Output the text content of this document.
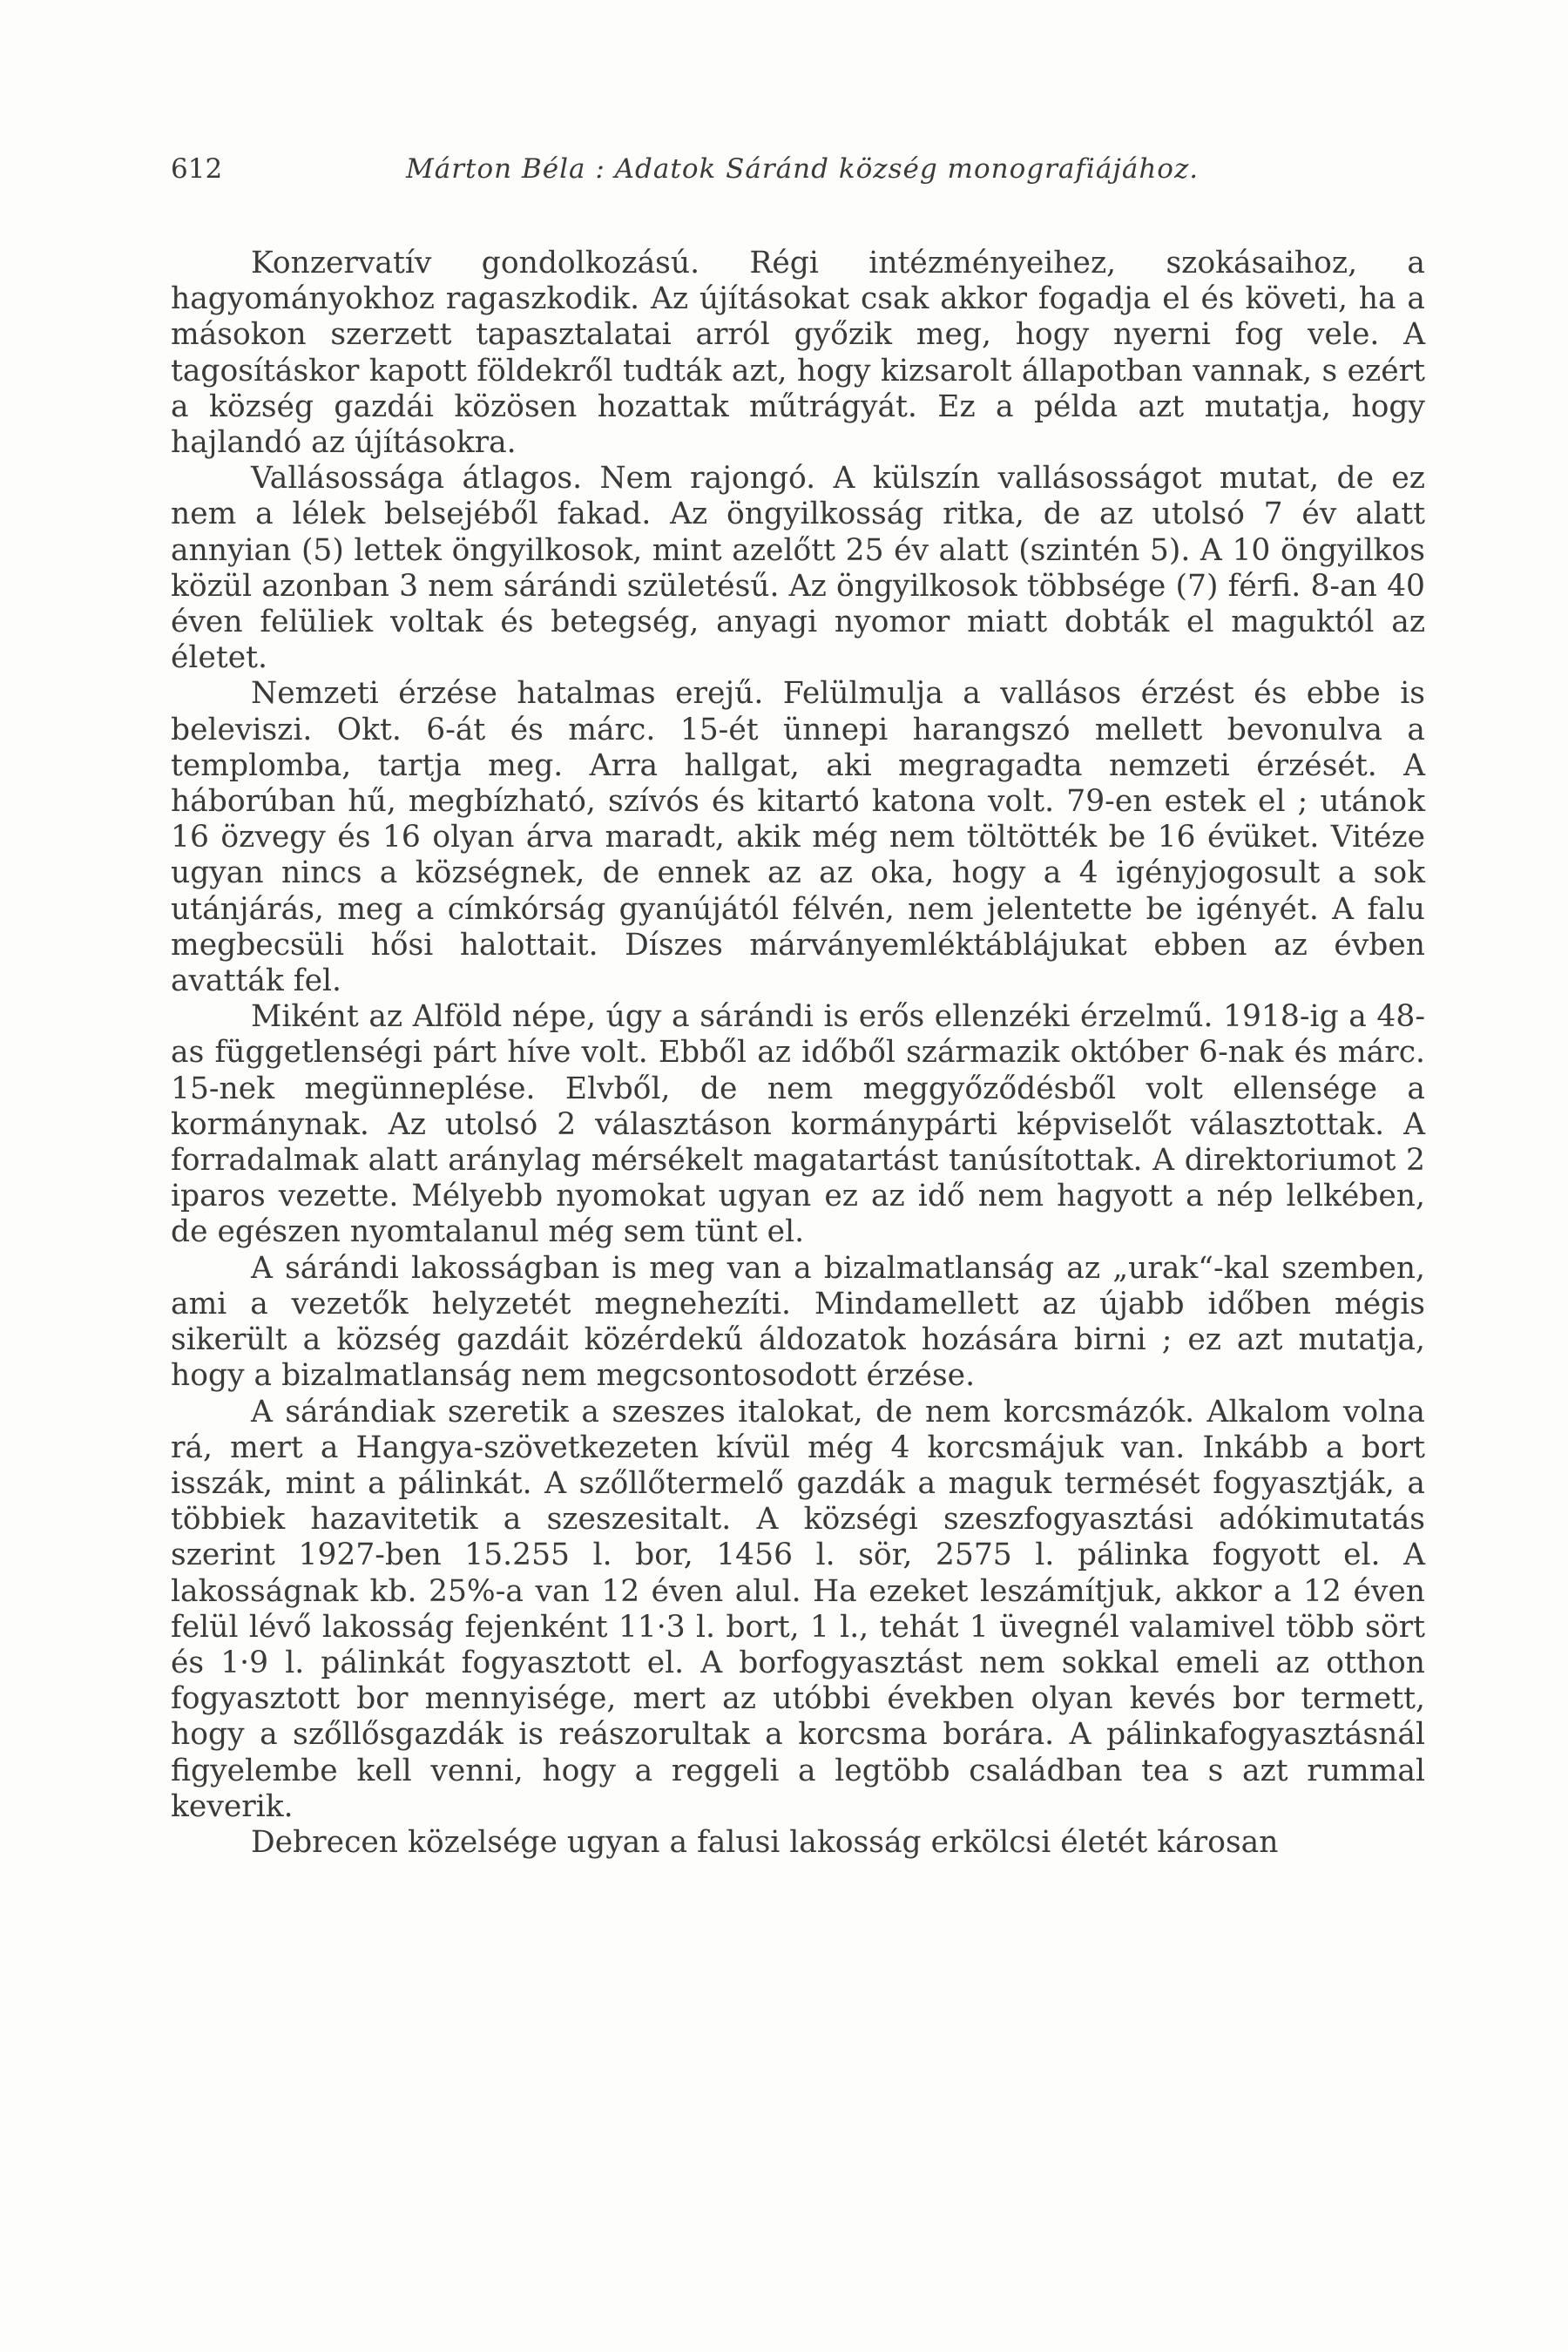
612	Márton Béla : Adatok Sáránd község monografiájához.

Konzervatív gondolkozású. Régi intézményeihez, szokásaihoz, a hagyományokhoz ragaszkodik. Az újításokat csak akkor fogadja el és követi, ha a másokon szerzett tapasztalatai arról győzik meg, hogy nyerni fog vele. A tagosításkor kapott földekről tudták azt, hogy kizsarolt állapotban vannak, s ezért a község gazdái közösen hozattak műtrágyát. Ez a példa azt mutatja, hogy hajlandó az újításokra.

Vallásossága átlagos. Nem rajongó. A külszín vallásosságot mutat, de ez nem a lélek belsejéből fakad. Az öngyilkosság ritka, de az utolsó 7 év alatt annyian (5) lettek öngyilkosok, mint azelőtt 25 év alatt (szintén 5). A 10 öngyilkos közül azonban 3 nem sárándi születésű. Az öngyilkosok többsége (7) férfi. 8-an 40 éven felüliek voltak és betegség, anyagi nyomor miatt dobták el maguktól az életet.

Nemzeti érzése hatalmas erejű. Felülmulja a vallásos érzést és ebbe is beleviszi. Okt. 6-át és márc. 15-ét ünnepi harangszó mellett bevonulva a templomba, tartja meg. Arra hallgat, aki megragadta nemzeti érzését. A háborúban hű, megbízható, szívós és kitartó katona volt. 79-en estek el ; utánok 16 özvegy és 16 olyan árva maradt, akik még nem töltötték be 16 évüket. Vitéze ugyan nincs a községnek, de ennek az az oka, hogy a 4 igényjogosult a sok utánjárás, meg a címkórság gyanújától félvén, nem jelentette be igényét. A falu megbecsüli hősi halottait. Díszes márványemléktáblájukat ebben az évben avatták fel.

Miként az Alföld népe, úgy a sárándi is erős ellenzéki érzelmű. 1918-ig a 48-as függetlenségi párt híve volt. Ebből az időből származik október 6-nak és márc. 15-nek megünneplése. Elvből, de nem meggyőződésből volt ellensége a kormánynak. Az utolsó 2 választáson kormánypárti képviselőt választottak. A forradalmak alatt aránylag mérsékelt magatartást tanúsítottak. A direktoriumot 2 iparos vezette. Mélyebb nyomokat ugyan ez az idő nem hagyott a nép lelkében, de egészen nyomtalanul még sem tünt el.

A sárándi lakosságban is meg van a bizalmatlanság az „urak“-kal szemben, ami a vezetők helyzetét megnehezíti. Mindamellett az újabb időben mégis sikerült a község gazdáit közérdekű áldozatok hozására birni ; ez azt mutatja, hogy a bizalmatlanság nem megcsontosodott érzése.

A sárándiak szeretik a szeszes italokat, de nem korcsmázók. Alkalom volna rá, mert a Hangya-szövetkezeten kívül még 4 korcsmájuk van. Inkább a bort isszák, mint a pálinkát. A szőllőtermelő gazdák a maguk termését fogyasztják, a többiek hazavitetik a szeszesitalt. A községi szeszfogyasztási adókimutatás szerint 1927-ben 15.255 l. bor, 1456 l. sör, 2575 l. pálinka fogyott el. A lakosságnak kb. 25%-a van 12 éven alul. Ha ezeket leszámítjuk, akkor a 12 éven felül lévő lakosság fejenként 11·3 l. bort, 1 l., tehát 1 üvegnél valamivel több sört és 1·9 l. pálinkát fogyasztott el. A borfogyasztást nem sokkal emeli az otthon fogyasztott bor mennyisége, mert az utóbbi években olyan kevés bor termett, hogy a szőllősgazdák is reászorultak a korcsma borára. A pálinkafogyasztásnál figyelembe kell venni, hogy a reggeli a legtöbb családban tea s azt rummal keverik.

Debrecen közelsége ugyan a falusi lakosság erkölcsi életét károsan
